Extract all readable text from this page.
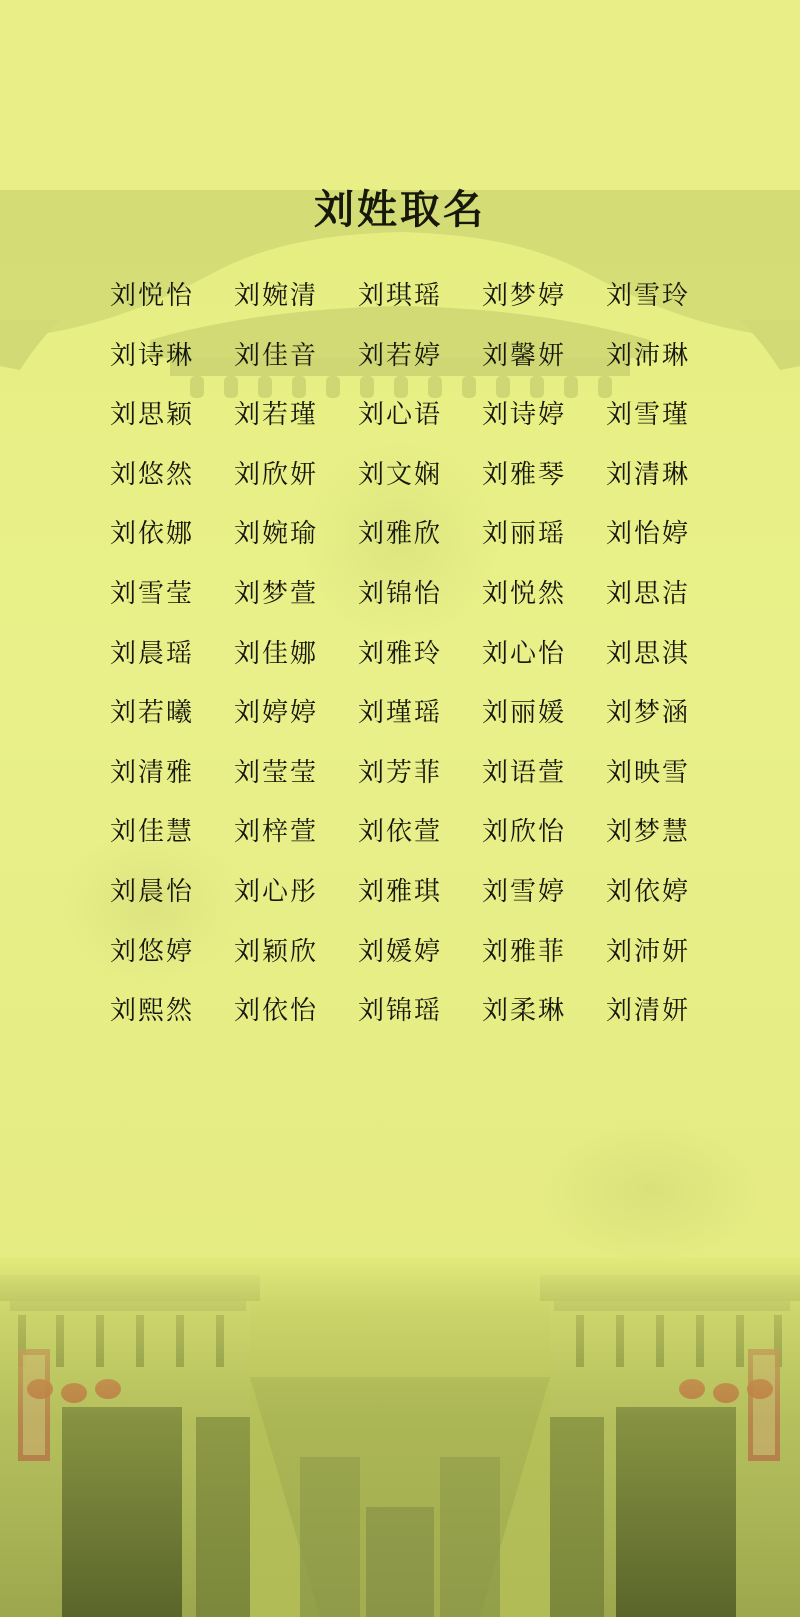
刘姓取名
刘悦怡	刘婉清	刘琪瑶	刘梦婷	刘雪玲
刘诗琳	刘佳音	刘若婷	刘馨妍	刘沛琳
刘思颖	刘若瑾	刘心语	刘诗婷	刘雪瑾
刘悠然	刘欣妍	刘文娴	刘雅琴	刘清琳
刘依娜	刘婉瑜	刘雅欣	刘丽瑶	刘怡婷
刘雪莹	刘梦萱	刘锦怡	刘悦然	刘思洁
刘晨瑶	刘佳娜	刘雅玲	刘心怡	刘思淇
刘若曦	刘婷婷	刘瑾瑶	刘丽媛	刘梦涵
刘清雅	刘莹莹	刘芳菲	刘语萱	刘映雪
刘佳慧	刘梓萱	刘依萱	刘欣怡	刘梦慧
刘晨怡	刘心彤	刘雅琪	刘雪婷	刘依婷
刘悠婷	刘颖欣	刘媛婷	刘雅菲	刘沛妍
刘熙然	刘依怡	刘锦瑶	刘柔琳	刘清妍
